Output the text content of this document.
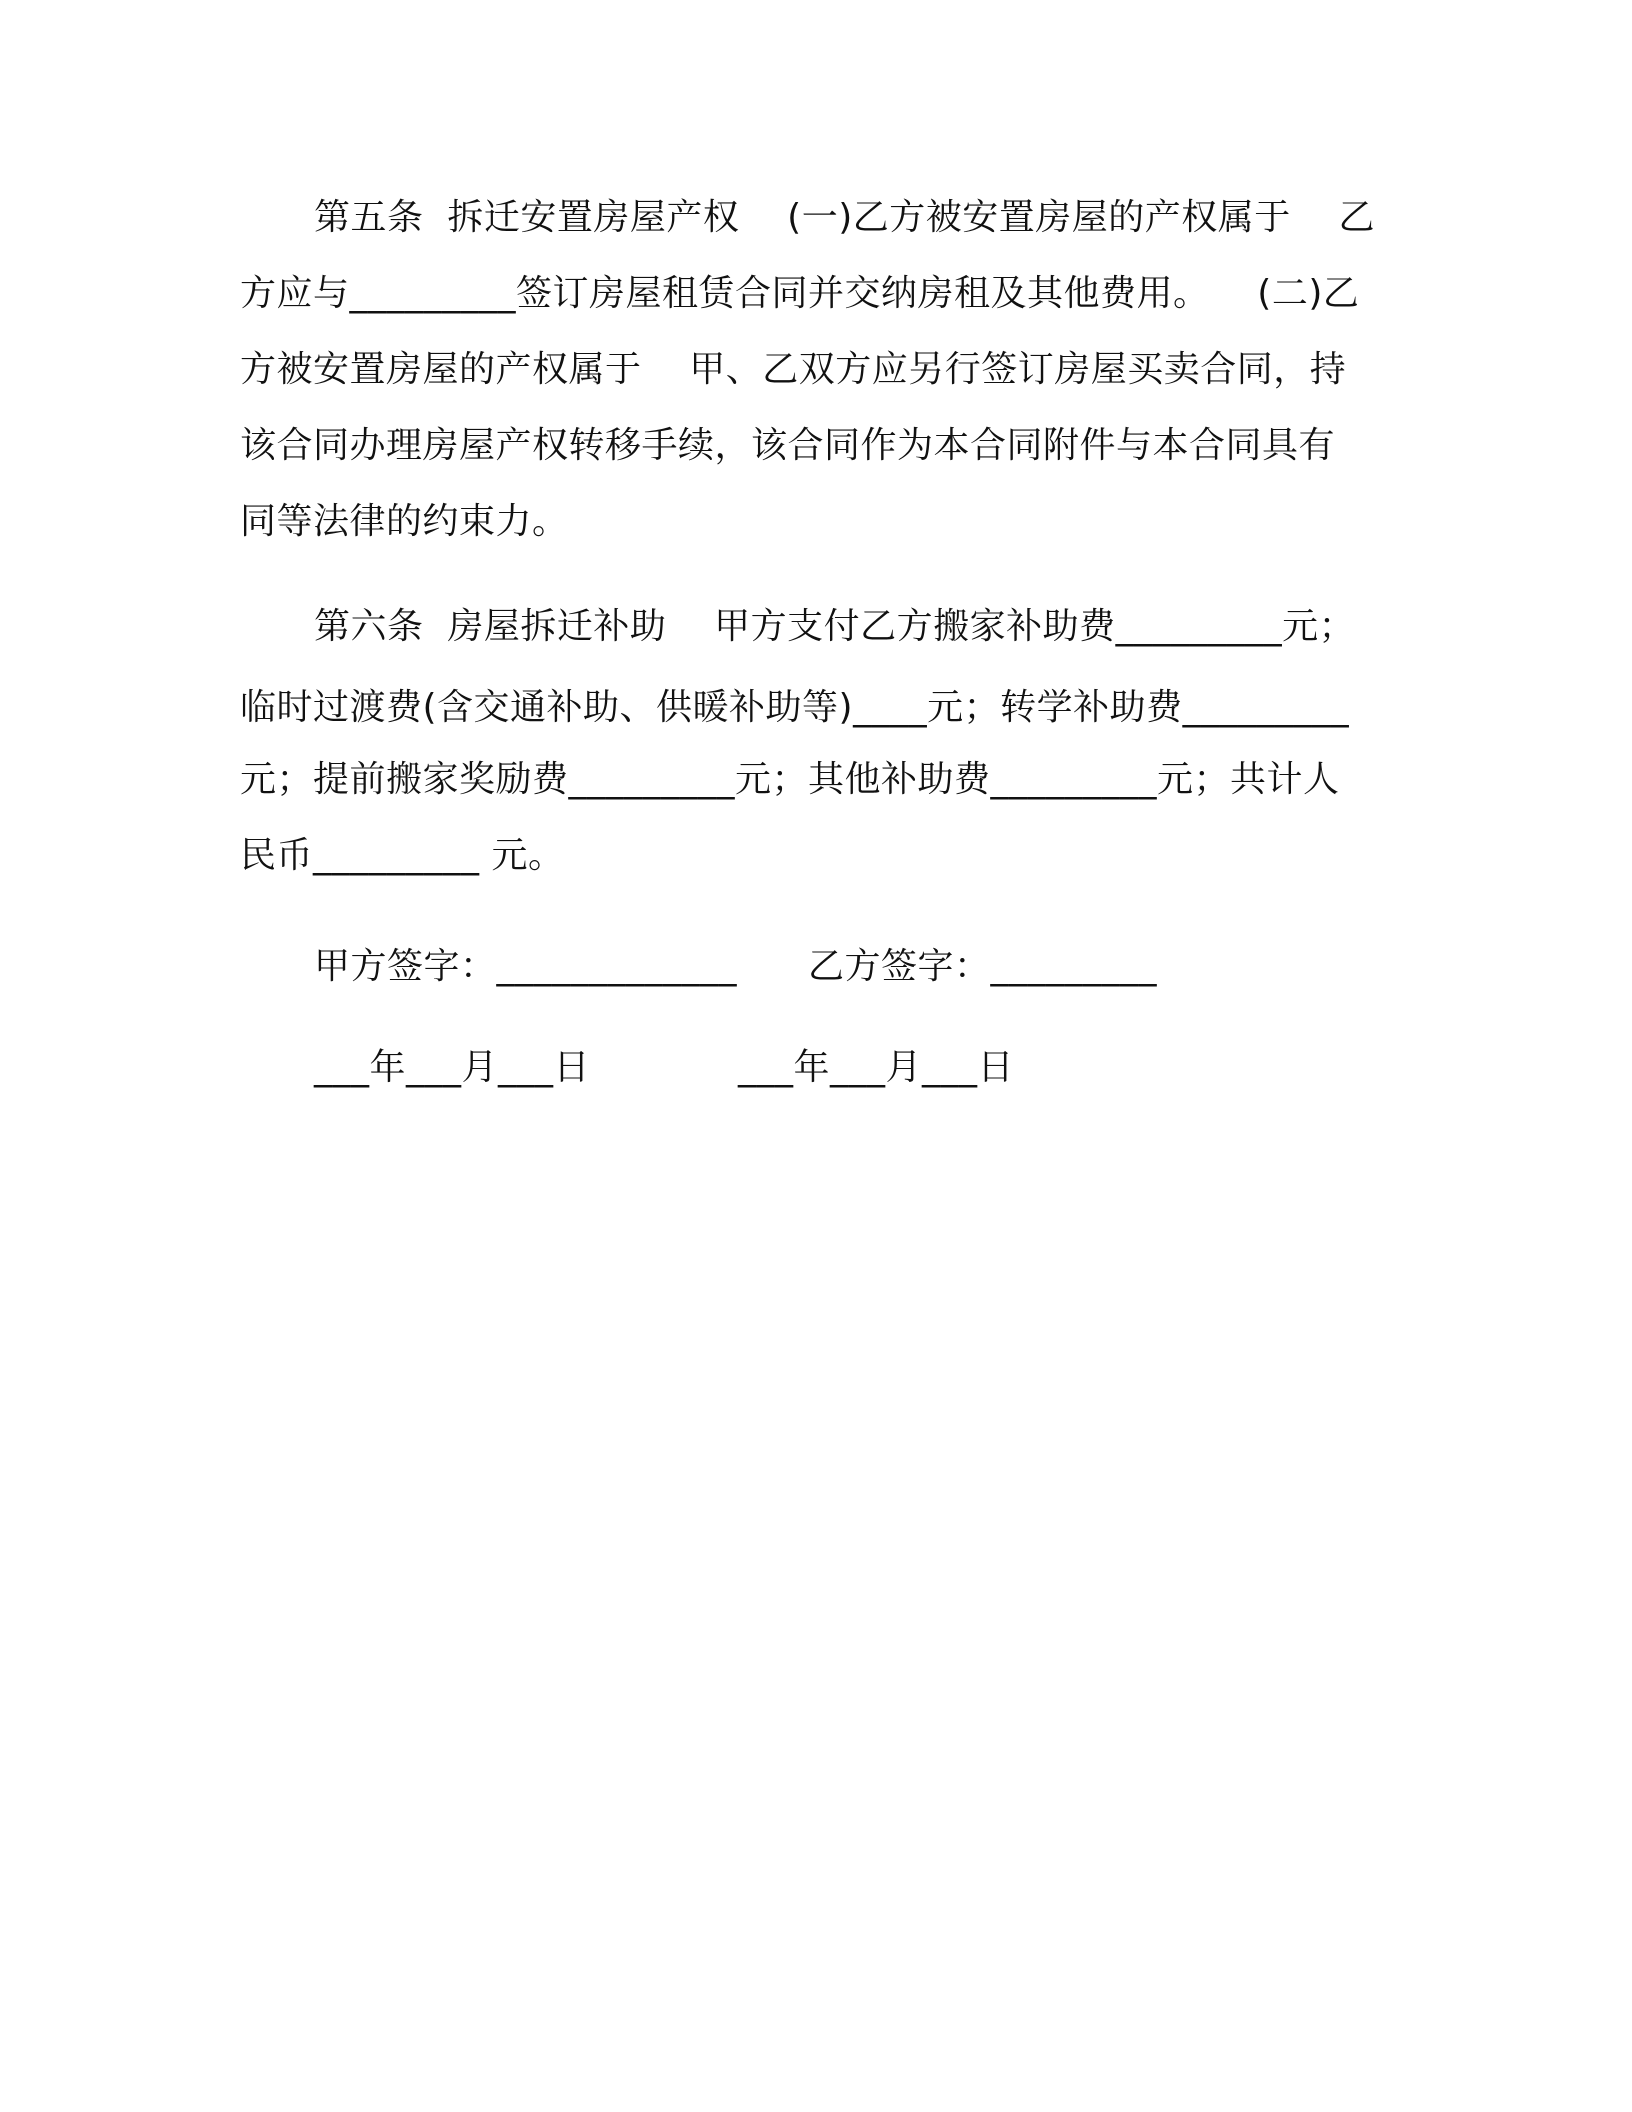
第五条  拆迁安置房屋产权    (一)乙方被安置房屋的产权属于    乙
方应与_________签订房屋租赁合同并交纳房租及其他费用。    (二)乙
方被安置房屋的产权属于    甲、乙双方应另行签订房屋买卖合同，持
该合同办理房屋产权转移手续，该合同作为本合同附件与本合同具有
同等法律的约束力。
第六条  房屋拆迁补助    甲方支付乙方搬家补助费_________元；
临时过渡费(含交通补助、供暖补助等)____元；转学补助费_________
元；提前搬家奖励费_________元；其他补助费_________元；共计人
民币_________ 元。
甲方签字：_____________ 乙方签字：_________
___年___月___日	___年___月___日
